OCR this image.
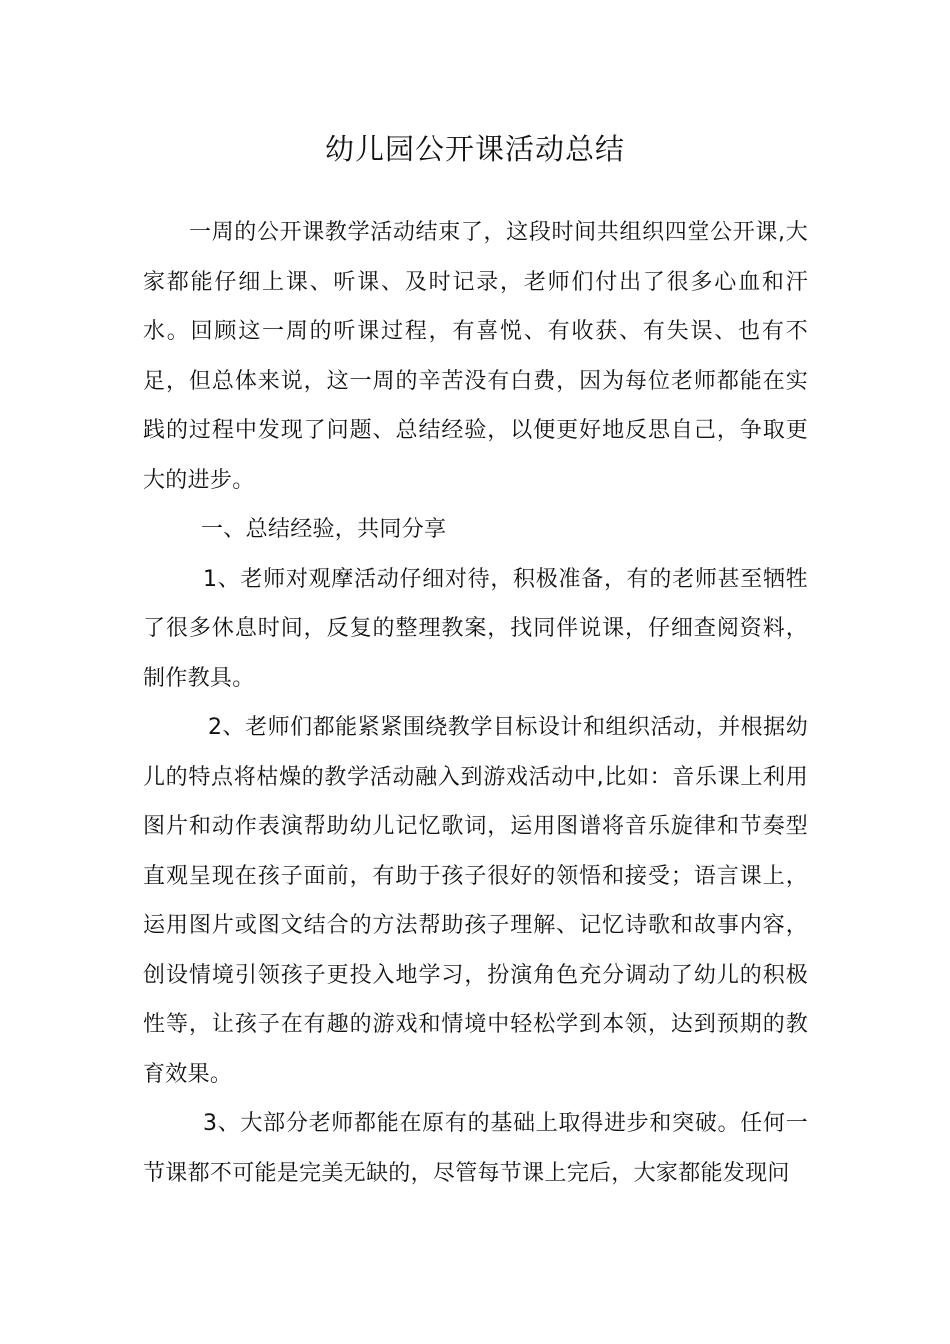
幼儿园公开课活动总结

一周的公开课教学活动结束了，这段时间共组织四堂公开课,大家都能仔细上课、听课、及时记录，老师们付出了很多心血和汗水。回顾这一周的听课过程，有喜悦、有收获、有失误、也有不足，但总体来说，这一周的辛苦没有白费，因为每位老师都能在实践的过程中发现了问题、总结经验，以便更好地反思自己，争取更大的进步。

一、总结经验，共同分享

1、老师对观摩活动仔细对待，积极准备，有的老师甚至牺牲了很多休息时间，反复的整理教案，找同伴说课，仔细查阅资料，制作教具。

2、老师们都能紧紧围绕教学目标设计和组织活动，并根据幼儿的特点将枯燥的教学活动融入到游戏活动中,比如：音乐课上利用图片和动作表演帮助幼儿记忆歌词，运用图谱将音乐旋律和节奏型直观呈现在孩子面前，有助于孩子很好的领悟和接受；语言课上，运用图片或图文结合的方法帮助孩子理解、记忆诗歌和故事内容，创设情境引领孩子更投入地学习，扮演角色充分调动了幼儿的积极性等，让孩子在有趣的游戏和情境中轻松学到本领，达到预期的教育效果。

3、大部分老师都能在原有的基础上取得进步和突破。任何一节课都不可能是完美无缺的，尽管每节课上完后，大家都能发现问
